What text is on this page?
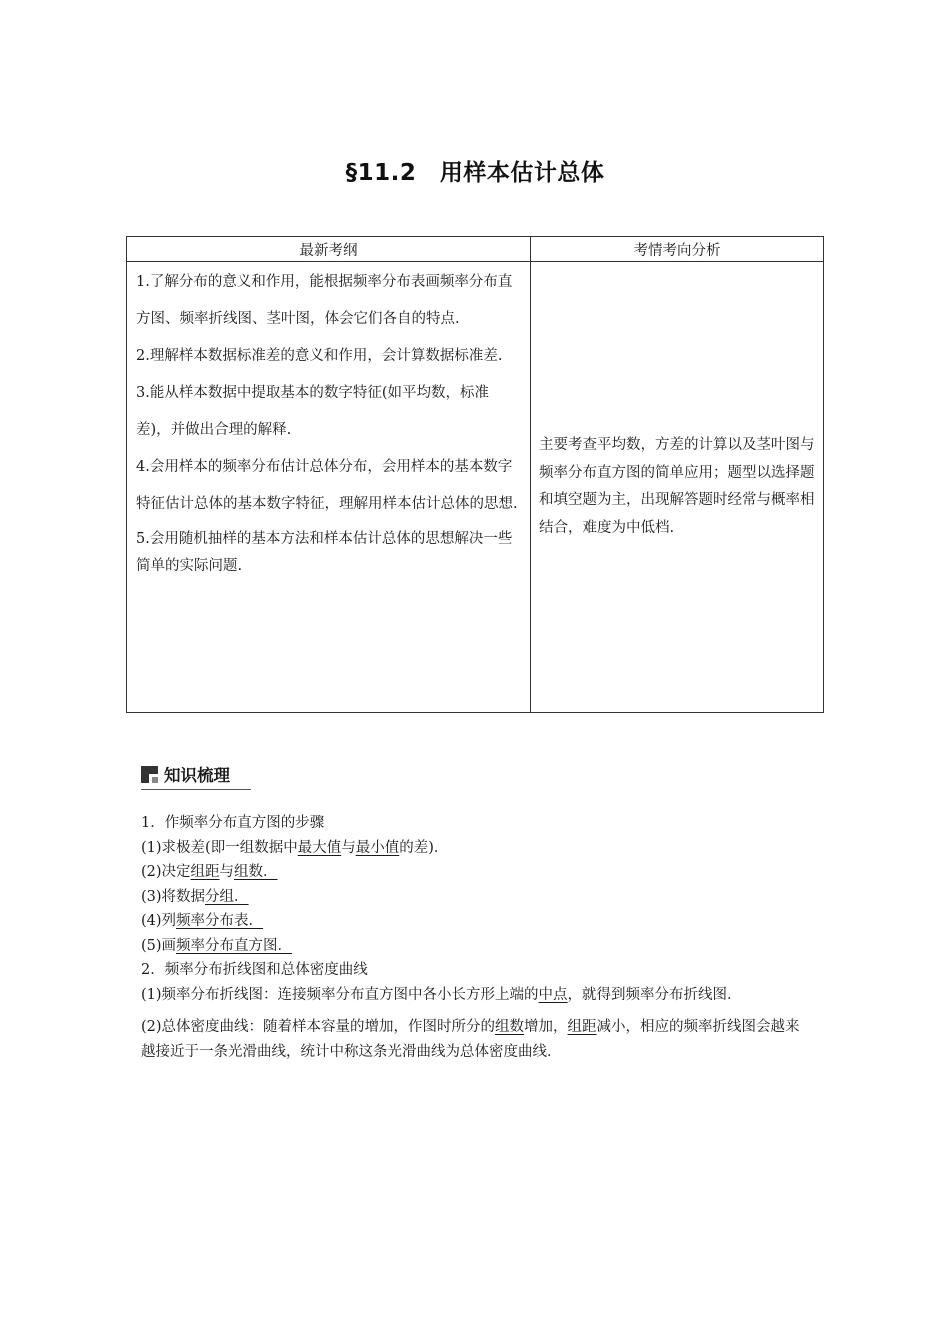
§11.2　用样本估计总体
最新考纲	考情考向分析

1.了解分布的意义和作用，能根据频率分布表画频率分布直方图、频率折线图、茎叶图，体会它们各自的特点.
2.理解样本数据标准差的意义和作用，会计算数据标准差.
3.能从样本数据中提取基本的数字特征(如平均数，标准差)，并做出合理的解释.
4.会用样本的频率分布估计总体分布，会用样本的基本数字特征估计总体的基本数字特征，理解用样本估计总体的思想.
5.会用随机抽样的基本方法和样本估计总体的思想解决一些简单的实际问题.	主要考查平均数，方差的计算以及茎叶图与频率分布直方图的简单应用；题型以选择题和填空题为主，出现解答题时经常与概率相结合，难度为中低档.
知识梳理

1．作频率分布直方图的步骤

(1)求极差(即一组数据中最大值与最小值的差)．

(2)决定组距与组数．

(3)将数据分组．

(4)列频率分布表．

(5)画频率分布直方图．

2．频率分布折线图和总体密度曲线

(1)频率分布折线图：连接频率分布直方图中各小长方形上端的中点，就得到频率分布折线图．

(2)总体密度曲线：随着样本容量的增加，作图时所分的组数增加，组距减小，相应的频率折线图会越来越接近于一条光滑曲线，统计中称这条光滑曲线为总体密度曲线．
